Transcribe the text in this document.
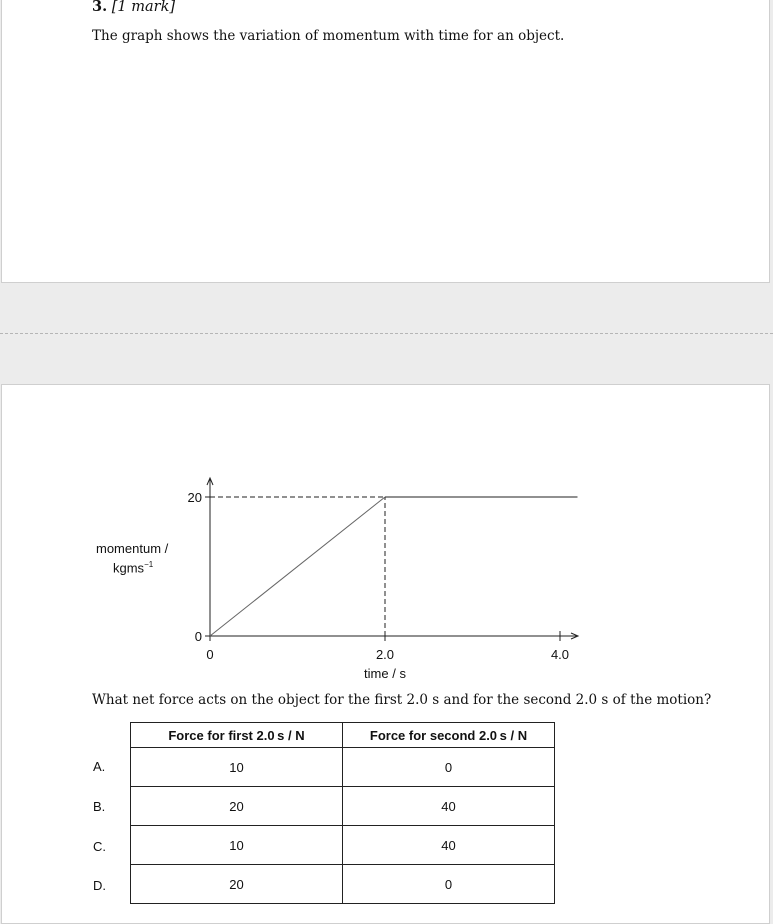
3. [1 mark]

The graph shows the variation of momentum with time for an object.

momentum /
kgms$^{-1}$
0	2.0	4.0
0
20
time / s

What net force acts on the object for the first 2.0 s and for the second 2.0 s of the motion?

A.
B.
C.
D.
Force for first 2.0 s / N	Force for second 2.0 s / N
10	0
20	40
10	40
20	0
